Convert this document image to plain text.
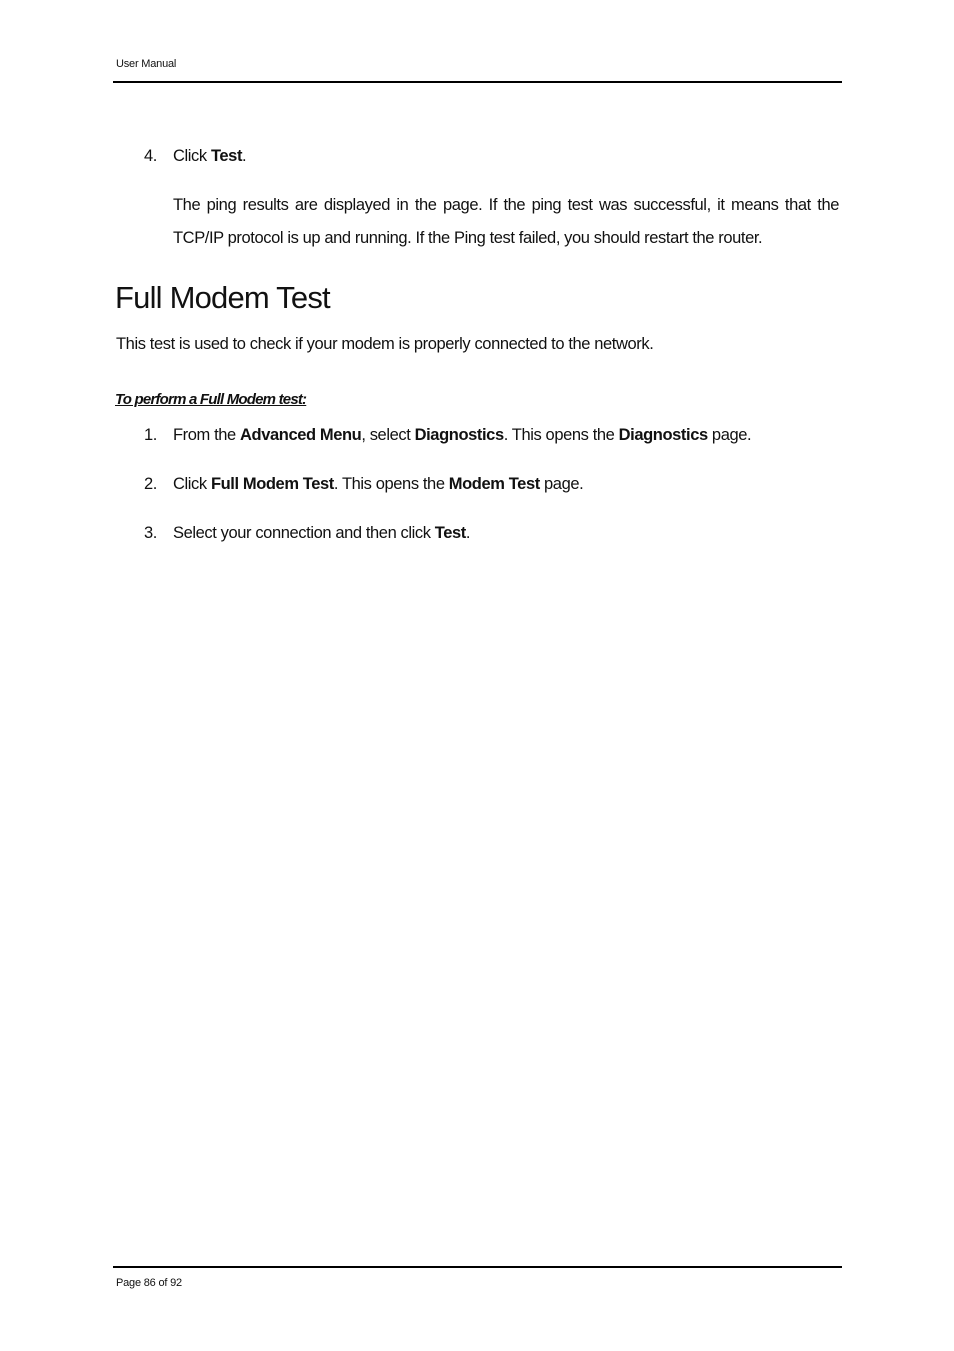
User Manual
4. Click Test.
The ping results are displayed in the page. If the ping test was successful, it means that the TCP/IP protocol is up and running. If the Ping test failed, you should restart the router.
Full Modem Test
This test is used to check if your modem is properly connected to the network.
To perform a Full Modem test:
1. From the Advanced Menu, select Diagnostics. This opens the Diagnostics page.
2. Click Full Modem Test. This opens the Modem Test page.
3. Select your connection and then click Test.
Page 86 of 92
